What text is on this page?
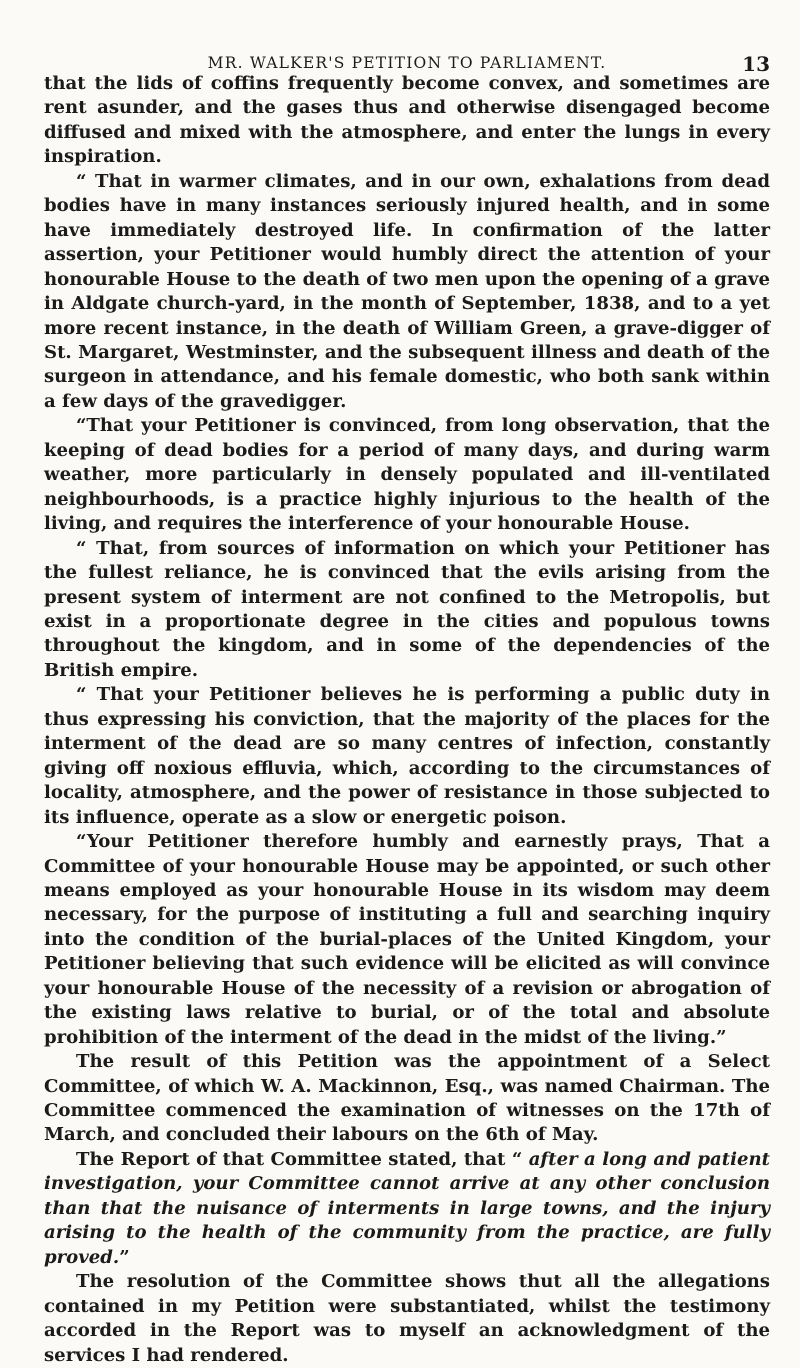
MR. WALKER'S PETITION TO PARLIAMENT.	13

that the lids of coffins frequently become convex, and sometimes are rent asunder, and the gases thus and otherwise disengaged become diffused and mixed with the atmosphere, and enter the lungs in every inspiration.

“ That in warmer climates, and in our own, exhalations from dead bodies have in many instances seriously injured health, and in some have immediately destroyed life. In confirmation of the latter assertion, your Petitioner would humbly direct the attention of your honourable House to the death of two men upon the opening of a grave in Aldgate church-yard, in the month of September, 1838, and to a yet more recent instance, in the death of William Green, a grave-digger of St. Margaret, Westminster, and the subsequent illness and death of the surgeon in attendance, and his female domestic, who both sank within a few days of the gravedigger.

“That your Petitioner is convinced, from long observation, that the keeping of dead bodies for a period of many days, and during warm weather, more particularly in densely populated and ill-ventilated neighbourhoods, is a practice highly injurious to the health of the living, and requires the interference of your honourable House.

“ That, from sources of information on which your Petitioner has the fullest reliance, he is convinced that the evils arising from the present system of interment are not confined to the Metropolis, but exist in a proportionate degree in the cities and populous towns throughout the kingdom, and in some of the dependencies of the British empire.

“ That your Petitioner believes he is performing a public duty in thus expressing his conviction, that the majority of the places for the interment of the dead are so many centres of infection, constantly giving off noxious effluvia, which, according to the circumstances of locality, atmosphere, and the power of resistance in those subjected to its influence, operate as a slow or energetic poison.

“Your Petitioner therefore humbly and earnestly prays, That a Committee of your honourable House may be appointed, or such other means employed as your honourable House in its wisdom may deem necessary, for the purpose of instituting a full and searching inquiry into the condition of the burial-places of the United Kingdom, your Petitioner believing that such evidence will be elicited as will convince your honourable House of the necessity of a revision or abrogation of the existing laws relative to burial, or of the total and absolute prohibition of the interment of the dead in the midst of the living.”

The result of this Petition was the appointment of a Select Committee, of which W. A. Mackinnon, Esq., was named Chairman. The Committee commenced the examination of witnesses on the 17th of March, and concluded their labours on the 6th of May.

The Report of that Committee stated, that “ after a long and patient investigation, your Committee cannot arrive at any other conclusion than that the nuisance of interments in large towns, and the injury arising to the health of the community from the practice, are fully proved.”

The resolution of the Committee shows thut all the allegations contained in my Petition were substantiated, whilst the testimony accorded in the Report was to myself an acknowledgment of the services I had rendered.
